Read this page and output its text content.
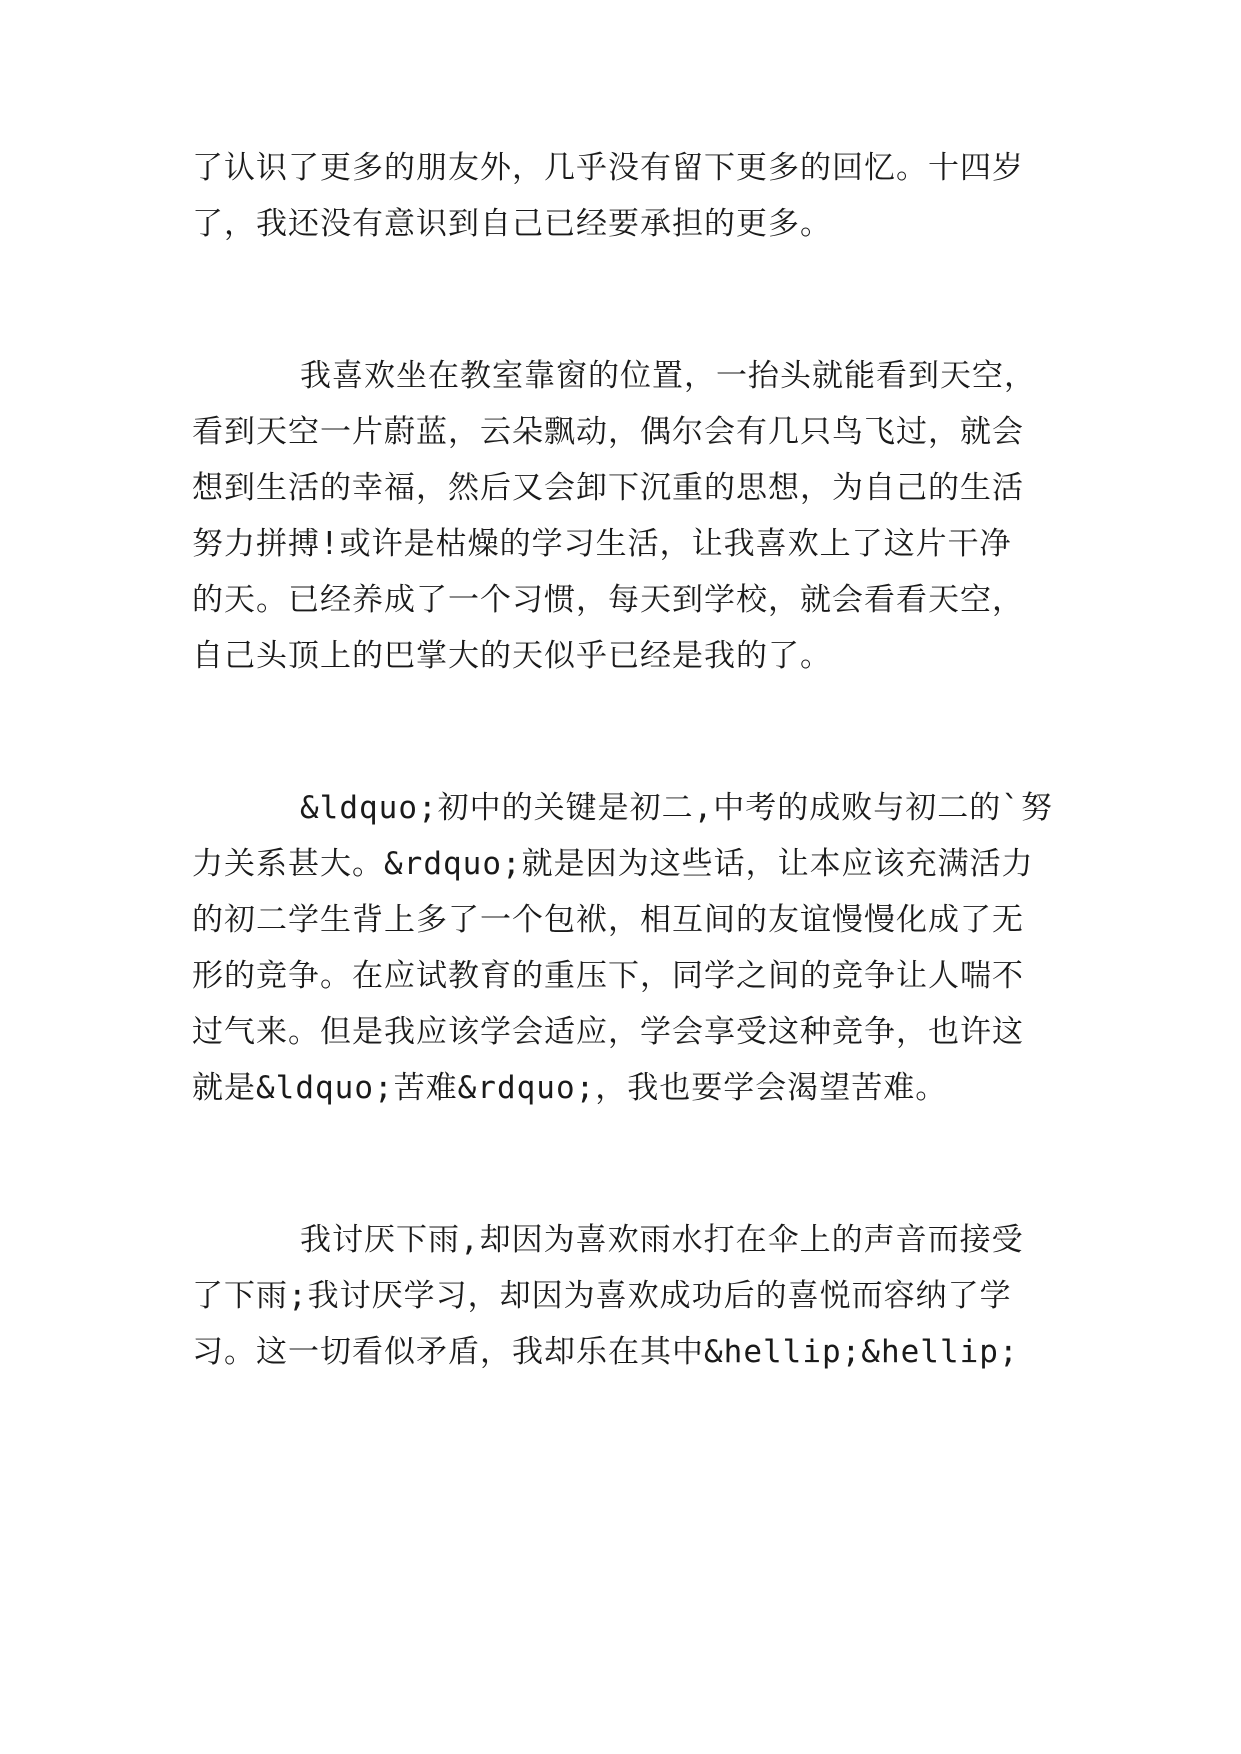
了认识了更多的朋友外，几乎没有留下更多的回忆。十四岁
了，我还没有意识到自己已经要承担的更多。
我喜欢坐在教室靠窗的位置，一抬头就能看到天空，
看到天空一片蔚蓝，云朵飘动，偶尔会有几只鸟飞过，就会
想到生活的幸福，然后又会卸下沉重的思想，为自己的生活
努力拼搏!或许是枯燥的学习生活，让我喜欢上了这片干净
的天。已经养成了一个习惯，每天到学校，就会看看天空，
自己头顶上的巴掌大的天似乎已经是我的了。
&ldquo;初中的关键是初二,中考的成败与初二的`努
力关系甚大。&rdquo;就是因为这些话，让本应该充满活力
的初二学生背上多了一个包袱，相互间的友谊慢慢化成了无
形的竞争。在应试教育的重压下，同学之间的竞争让人喘不
过气来。但是我应该学会适应，学会享受这种竞争，也许这
就是&ldquo;苦难&rdquo;，我也要学会渴望苦难。
我讨厌下雨,却因为喜欢雨水打在伞上的声音而接受
了下雨;我讨厌学习，却因为喜欢成功后的喜悦而容纳了学
习。这一切看似矛盾，我却乐在其中&hellip;&hellip;
